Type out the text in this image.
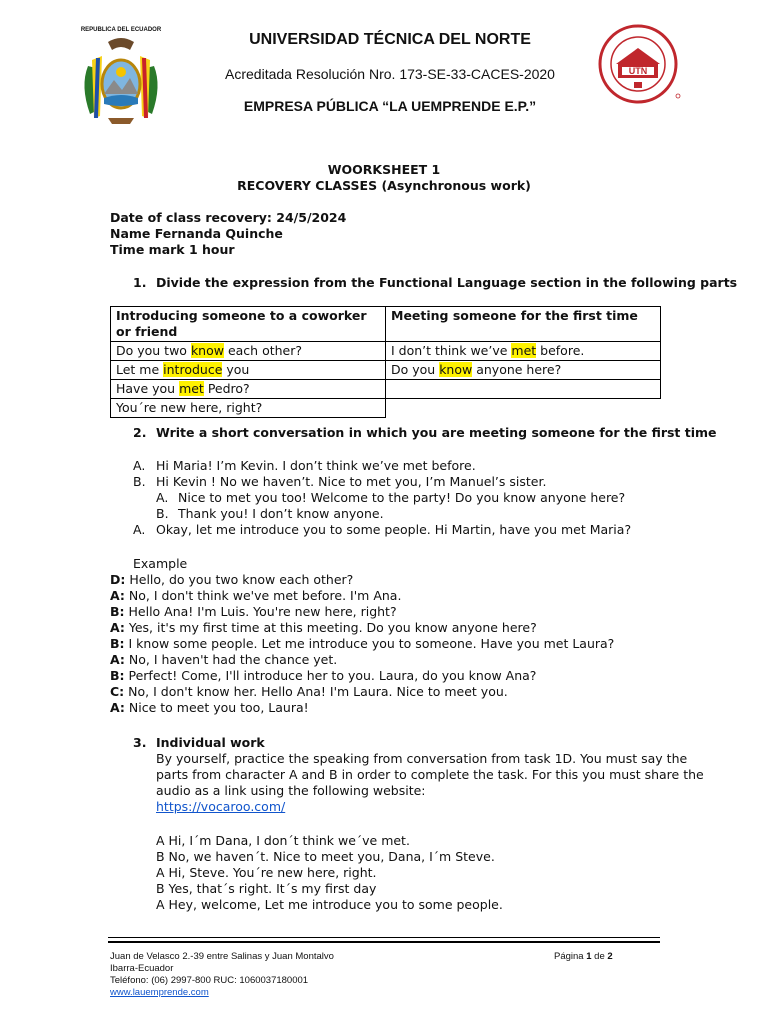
REPUBLICA DEL ECUADOR
UNIVERSIDAD TÉCNICA DEL NORTE
Acreditada Resolución Nro. 173-SE-33-CACES-2020
EMPRESA PÚBLICA “LA UEMPRENDE E.P.”
UTN
WOORKSHEET 1
RECOVERY CLASSES (Asynchronous work)
Date of class recovery: 24/5/2024
Name Fernanda Quinche
Time mark 1 hour
1. Divide the expression from the Functional Language section in the following parts
Introducing someone to a coworker or friend	Meeting someone for the first time
Do you two know each other?	I don’t think we’ve met before.
Let me introduce you	Do you know anyone here?
Have you met Pedro?	
You´re new here, right?	
2. Write a short conversation in which you are meeting someone for the first time
A. Hi Maria! I’m Kevin. I don’t think we’ve met before.
B. Hi Kevin ! No we haven’t. Nice to met you, I’m Manuel’s sister.
A. Nice to met you too! Welcome to the party! Do you know anyone here?
B. Thank you! I don’t know anyone.
A. Okay, let me introduce you to some people. Hi Martin, have you met Maria?
Example
D: Hello, do you two know each other?
A: No, I don't think we've met before. I'm Ana.
B: Hello Ana! I'm Luis. You're new here, right?
A: Yes, it's my first time at this meeting. Do you know anyone here?
B: I know some people. Let me introduce you to someone. Have you met Laura?
A: No, I haven't had the chance yet.
B: Perfect! Come, I'll introduce her to you. Laura, do you know Ana?
C: No, I don't know her. Hello Ana! I'm Laura. Nice to meet you.
A: Nice to meet you too, Laura!
3. Individual work
By yourself, practice the speaking from conversation from task 1D. You must say the
parts from character A and B in order to complete the task. For this you must share the
audio as a link using the following website:
https://vocaroo.com/
A Hi, I´m Dana, I don´t think we´ve met.
B No, we haven´t. Nice to meet you, Dana, I´m Steve.
A Hi, Steve. You´re new here, right.
B Yes, that´s right. It´s my first day
A Hey, welcome, Let me introduce you to some people.
Juan de Velasco 2.-39 entre Salinas y Juan Montalvo
Ibarra-Ecuador
Teléfono: (06) 2997-800 RUC: 1060037180001
www.lauemprende.com
Página 1 de 2
